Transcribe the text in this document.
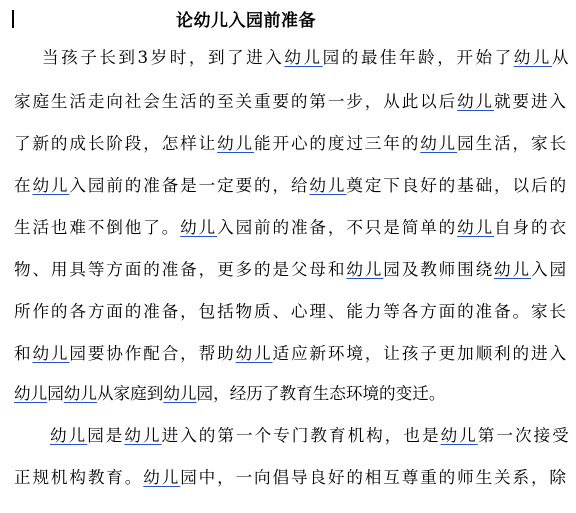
论幼儿入园前准备
当孩子长到3岁时，到了进入幼儿园的最佳年龄，开始了幼儿从
家庭生活走向社会生活的至关重要的第一步，从此以后幼儿就要进入
了新的成长阶段，怎样让幼儿能开心的度过三年的幼儿园生活，家长
在幼儿入园前的准备是一定要的，给幼儿奠定下良好的基础，以后的
生活也难不倒他了。幼儿入园前的准备，不只是简单的幼儿自身的衣
物、用具等方面的准备，更多的是父母和幼儿园及教师围绕幼儿入园
所作的各方面的准备，包括物质、心理、能力等各方面的准备。家长
和幼儿园要协作配合，帮助幼儿适应新环境，让孩子更加顺利的进入
幼儿园幼儿从家庭到幼儿园，经历了教育生态环境的变迁。
幼儿园是幼儿进入的第一个专门教育机构，也是幼儿第一次接受
正规机构教育。幼儿园中，一向倡导良好的相互尊重的师生关系，除
